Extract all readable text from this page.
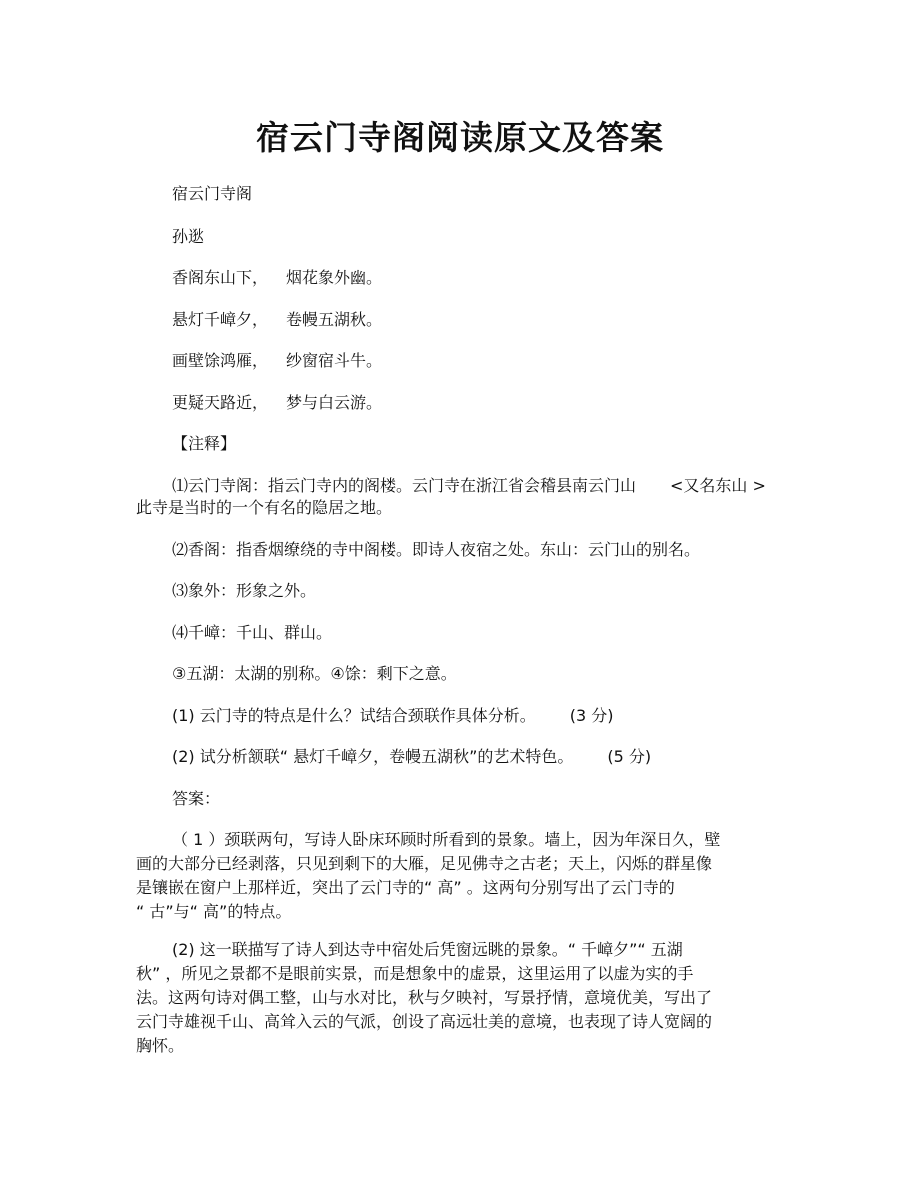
宿云门寺阁阅读原文及答案

宿云门寺阁

孙逖

香阁东山下， 烟花象外幽。

悬灯千嶂夕， 卷幔五湖秋。

画壁馀鸿雁， 纱窗宿斗牛。

更疑天路近， 梦与白云游。

【注释】

⑴云门寺阁：指云门寺内的阁楼。云门寺在浙江省会稽县南云门山 <又名东山 >

此寺是当时的一个有名的隐居之地。

⑵香阁：指香烟缭绕的寺中阁楼。即诗人夜宿之处。东山：云门山的别名。

⑶象外：形象之外。

⑷千嶂：千山、群山。

③五湖：太湖的别称。④馀：剩下之意。

(1) 云门寺的特点是什么？试结合颈联作具体分析。 (3 分)

(2) 试分析颔联“ 悬灯千嶂夕，卷幔五湖秋”的艺术特色。 (5 分)

答案：

（ 1 ）颈联两句，写诗人卧床环顾时所看到的景象。墙上，因为年深日久，壁
画的大部分已经剥落，只见到剩下的大雁，足见佛寺之古老；天上，闪烁的群星像
是镶嵌在窗户上那样近，突出了云门寺的“ 高” 。这两句分别写出了云门寺的
“ 古”与“ 高”的特点。
(2) 这一联描写了诗人到达寺中宿处后凭窗远眺的景象。“ 千嶂夕”“ 五湖
秋” ，所见之景都不是眼前实景，而是想象中的虚景，这里运用了以虚为实的手
法。这两句诗对偶工整，山与水对比，秋与夕映衬，写景抒情，意境优美，写出了
云门寺雄视千山、高耸入云的气派，创设了高远壮美的意境，也表现了诗人宽阔的
胸怀。
